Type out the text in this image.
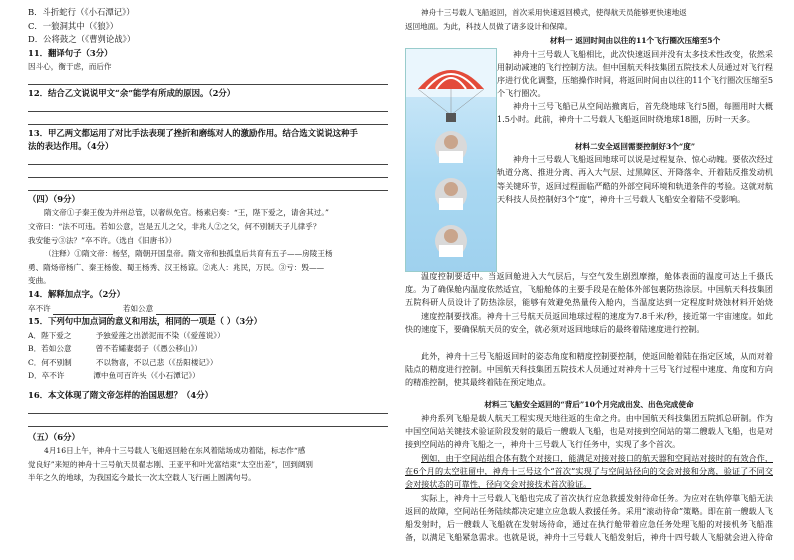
B．斗折蛇行（《小石潭记》）
C．一狼洞其中（《狼》）
D．公将鼓之（《曹刿论战》）
11．翻译句子（3分）
因斗心，衡于虑，而后作
12．结合乙文说说甲文“余”能学有所成的原因。（2分）
13．甲乙两文都运用了对比手法表现了挫折和磨练对人的激励作用。结合选文说说这种手
法的表达作用。（4分）
（四）（9分）
隋文帝①子秦王俊为并州总管，以奢纵免官。杨素启奏：“王，陛下爱之，请舍其过。”
文帝曰：“法不可违。若如公意，岂是五儿之父，非兆人②之父，何不别制天子儿律乎？
我安能亏③法？”卒不许。（选自《旧唐书》）
（注释）①隋文帝：杨坚，隋朝开国皇帝。隋文帝和独孤皇后共育有五子——房陵王杨
勇、隋炀帝杨广、秦王杨俊、蜀王杨秀、汉王杨谅。②兆人：兆民，万民。③亏：毁——
变曲。
14．解释加点字。（2分）
卒不许	若如公意
15．下列句中加点词的意义和用法，相同的一项是（ ）（3分）
A．陛下爱之          予独爱莲之出淤泥而不染（《爱莲说》）
B．若如公意          曾不若孀妻弱子（《愚公移山》）
C．何不别制          不以物喜，不以己悲（《岳阳楼记》）
D．卒不许            潭中鱼可百许头（《小石潭记》）
16．本文体现了隋文帝怎样的治国思想？（4分）
（五）（6分）
4月16日上午，神舟十三号载人飞船返回舱在东风着陆场成功着陆，标志作“感
觉良好”来短的神舟十三号航天员翟志刚、王亚平和叶光富结束“太空出差”，回到阔别
半年之久的地球，为我国迄今最长一次太空载人飞行画上圆满句号。
神舟十三号载人飞船返回，首次采用快速返回模式，使得航天员能够更快速地返
返回地面。为此，科技人员做了诸多设计和保障。
材料一 返回时间由以往的11个飞行圈次压缩至5个

神舟十三号载人飞船相比，此次快速返回并没有太多技术性改变，依然采用制动减速的飞行控制方法。但中国航天科技集团五院技术人员通过对飞行程序进行优化调整，压缩操作时间，将返回时间由以往的11个飞行圈次压缩至5个飞行圈次。

神舟十三号飞船已从空间站撤离后，首先绕地球飞行5圈，每圈用时大概1.5小时。此前，神舟十二号载人飞船返回时绕地球18圈，历时一天多。

材料二安全返回需要控制好3个“度”

神舟十三号载人飞船返回地球可以说是过程复杂、惊心动魄。要依次经过轨道分离、推进分离、再入大气层、过黑障区、开降落伞、开着陆反推发动机等关键环节，返回过程面临严酷的外部空间环境和轨道条件的考验。这就对航天科技人员控制好3个“度”，神舟十三号载人飞船安全着陆不受影响。

温度控制要适中。当返回舱进入大气层后，与空气发生剧烈摩擦，舱体表面的温度可达上千摄氏度。为了确保舱内温度依然适宜，飞船舱体的主要手段是在舱体外部包裹防热涂层。中国航天科技集团五院科研人员设计了防热涂层，能够有效避免热量传入舱内，当温度达到一定程度时烧蚀材料开始烧

速度控制要找准。神舟十三号航天员返回地球过程的速度为7.8千米/秒，接近第一宇宙速度。如此快的速度下，要确保航天员的安全，就必须对返回地球后的最终着陆速度进行控制。

此外，神舟十三号飞船返回时的姿态角度和精度控制要控制，使返回舱着陆在指定区域，从而对着陆点的精度进行控制。中国航天科技集团五院技术人员通过对神舟十三号飞行过程中速度、角度和方向的精准控制，使其最终着陆在预定地点。

材料三飞船安全返回的“背后”10个月完成出发、出色完成使命

神舟系列飞船是载人航天工程实现天地往返的生命之舟。由中国航天科技集团五院抓总研制。作为中国空间站关键技术验证阶段发射的最后一艘载人飞船，也是对接到空间站的第二艘载人飞船，也是对接到空间站的神舟飞船之一，神舟十三号载人飞行任务中，实现了多个首次。

例如，由于空间站组合体有数个对接口，能满足对接对接口的航天器和空间站对接时的有效合作，在6个月的太空驻留中，神舟十三号这个“首次”实现了与空间站径向的交会对接和分离，验证了不同交会对接状态的可靠性，径向交会对接技术首次验证。

实际上，神舟十三号载人飞船也完成了首次执行应急救援发射待命任务。为应对在轨停靠飞船无法返回的故障，空间站任务陆续都决定建立应急载人救援任务。采用“滚动待命”策略。即在前一艘载人飞船发射时，后一艘载人飞船就在发射场待命，通过在执行舱带着应急任务处理飞船的对接机务飞船准备，以满足飞船紧急需求。也就是说，神舟十三号载人飞船发射后，神舟十四号载人飞船就会进入待命
